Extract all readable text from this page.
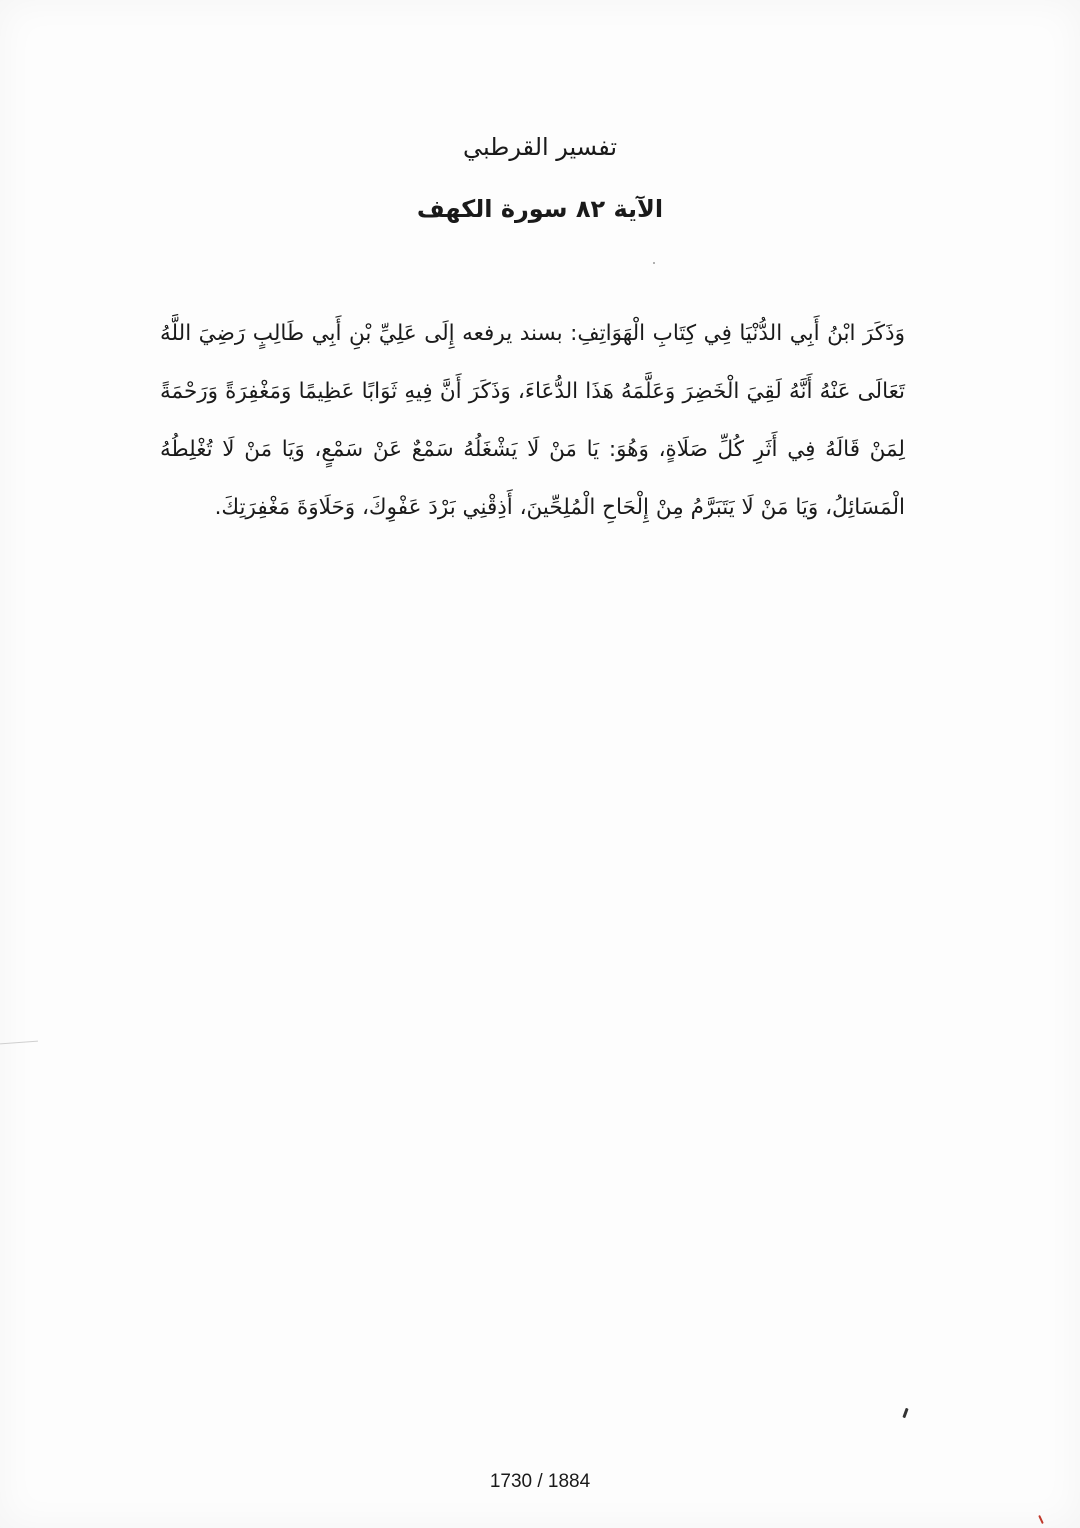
تفسير القرطبي
الآية ٨٢ سورة الكهف
وَذَكَرَ ابْنُ أَبِي الدُّنْيَا فِي كِتَابِ الْهَوَاتِفِ: بسند يرفعه إِلَى عَلِيِّ بْنِ أَبِي طَالِبٍ رَضِيَ اللَّهُ تَعَالَى عَنْهُ أَنَّهُ لَقِيَ الْخَضِرَ وَعَلَّمَهُ هَذَا الدُّعَاءَ، وَذَكَرَ أَنَّ فِيهِ ثَوَابًا عَظِيمًا وَمَغْفِرَةً وَرَحْمَةً لِمَنْ قَالَهُ فِي أَثَرِ كُلِّ صَلَاةٍ، وَهُوَ: يَا مَنْ لَا يَشْغَلُهُ سَمْعٌ عَنْ سَمْعٍ، وَيَا مَنْ لَا تُغْلِطُهُ الْمَسَائِلُ، وَيَا مَنْ لَا يَتَبَرَّمُ مِنْ إِلْحَاحِ الْمُلِحِّينَ، أَذِقْنِي بَرْدَ عَفْوِكَ، وَحَلَاوَةَ مَغْفِرَتِكَ.
1730 / 1884
